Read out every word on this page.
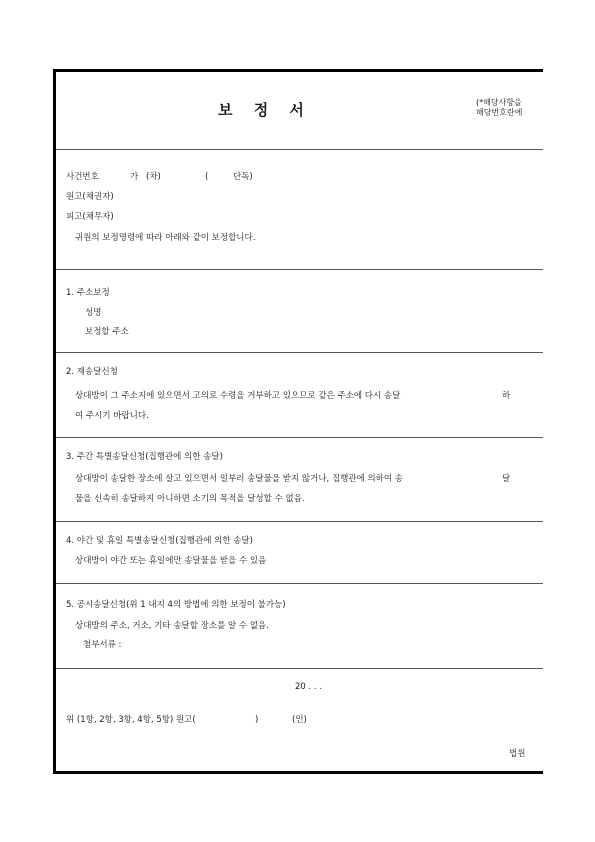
보 정 서	(*해당사항을
해당번호란에
사건번호	가 (차)	(	단독)
원고(채권자)
피고(채무자)
귀원의 보정명령에 따라 아래와 같이 보정합니다.
1. 주소보정
성명
보정할 주소
2. 재송달신청
상대방이 그 주소지에 있으면서 고의로 수령을 거부하고 있으므로 같은 주소에 다시 송달	하
여 주시기 바랍니다.
3. 주간 특별송달신청(집행관에 의한 송달)
상대방이 송달한 장소에 살고 있으면서 일부러 송달물을 받지 않거나, 집행관에 의하여 송	달
물을 신속히 송달하지 아니하면 소기의 목적을 달성할 수 없음.
4. 야간 및 휴일 특별송달신청(집행관에 의한 송달)
상대방이 야간 또는 휴일에만 송달물을 받을 수 있음
5. 공시송달신청(위 1 내지 4의 방법에 의한 보정이 불가능)
상대방의 주소, 거소, 기타 송달할 장소를 알 수 없음.
첨부서류 :
20 . . .
위 (1항, 2항, 3항, 4항, 5항) 원고(	)	(인)
법원
